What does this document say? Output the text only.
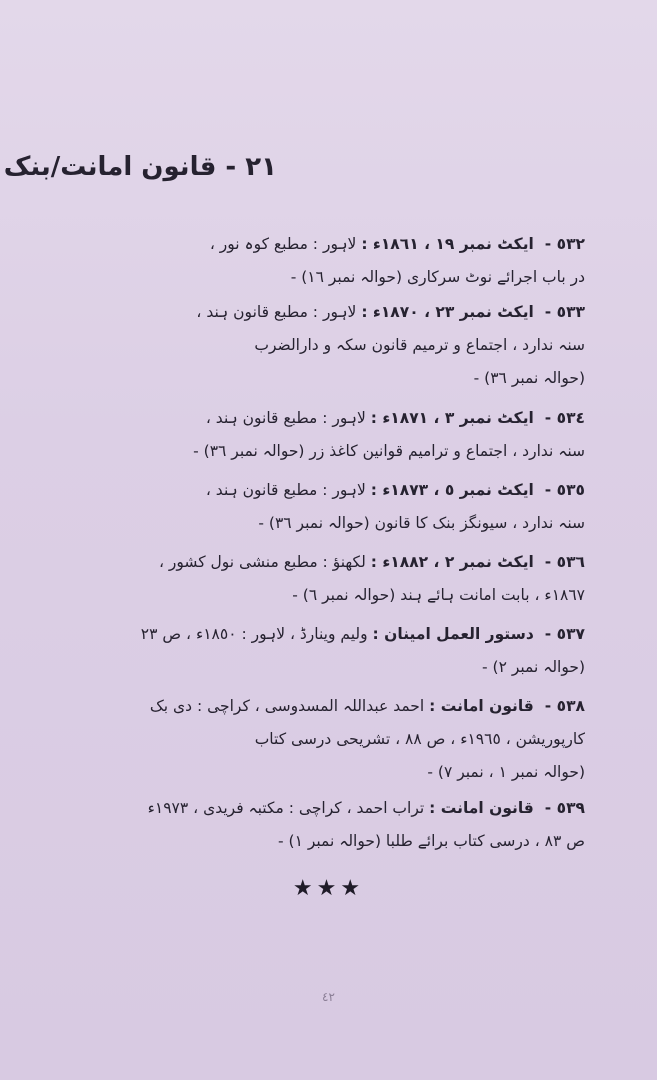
٢١ - قانون امانت/بنک
٥٣٢ - ایکٹ نمبر ١٩ ، ١٨٦١ء : لاہور : مطبع کوہ نور ،
در باب اجرائے نوٹ سرکاری (حوالہ نمبر ١٦) -
٥٣٣ - ایکٹ نمبر ٢٣ ، ١٨٧٠ء : لاہور : مطبع قانون ہند ،
سنہ ندارد ، اجتماع و ترمیم قانون سکہ و دارالضرب
(حوالہ نمبر ٣٦) -
٥٣٤ - ایکٹ نمبر ٣ ، ١٨٧١ء : لاہور : مطبع قانون ہند ،
سنہ ندارد ، اجتماع و ترامیم قوانین کاغذ زر (حوالہ نمبر ٣٦) -
٥٣٥ - ایکٹ نمبر ٥ ، ١٨٧٣ء : لاہور : مطبع قانون ہند ،
سنہ ندارد ، سیونگز بنک کا قانون (حوالہ نمبر ٣٦) -
٥٣٦ - ایکٹ نمبر ٢ ، ١٨٨٢ء : لکھنؤ : مطبع منشی نول کشور ،
١٨٦٧ء ، بابت امانت ہائے ہند (حوالہ نمبر ٦) -
٥٣٧ - دستور العمل امینان : ولیم وینارڈ ، لاہور : ١٨٥٠ء ، ص ٢٣
(حوالہ نمبر ٢) -
٥٣٨ - قانون امانت : احمد عبداللہ المسدوسی ، کراچی : دی بک
کارپوریشن ، ١٩٦٥ء ، ص ٨٨ ، تشریحی درسی کتاب
(حوالہ نمبر ١ ، نمبر ٧) -
٥٣٩ - قانون امانت : تراب احمد ، کراچی : مکتبہ فریدی ، ١٩٧٣ء
ص ٨٣ ، درسی کتاب برائے طلبا (حوالہ نمبر ١) -
★★★
٤٢
